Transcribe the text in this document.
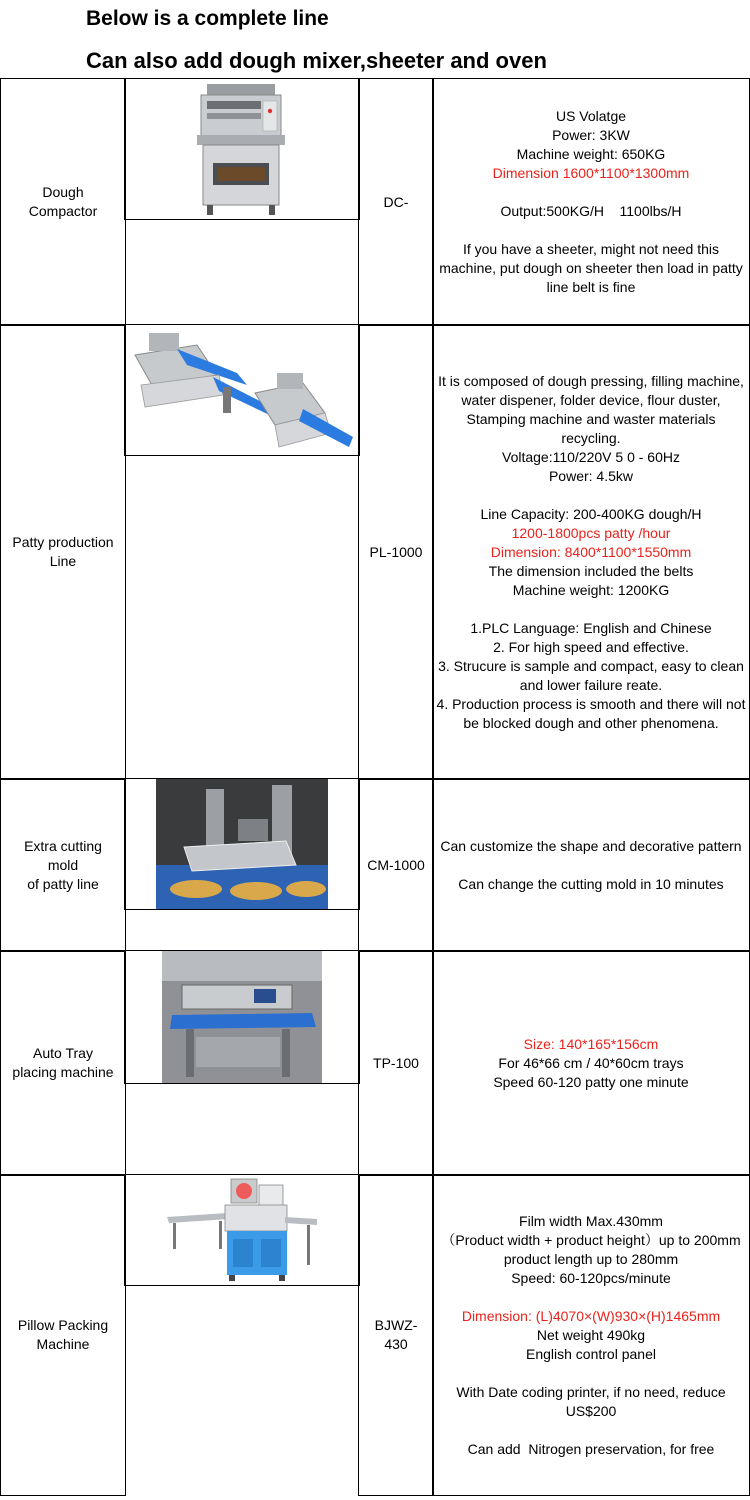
Below is a complete line
Can also add dough mixer,sheeter and oven
Dough
Compactor
DC-
US Volatge
Power: 3KW
Machine weight: 650KG
Dimension 1600*1100*1300mm
Output:500KG/H    1100lbs/H
If you have a sheeter, might not need this machine, put dough on sheeter then load in patty line belt is fine
Patty production
Line
PL-1000
It is composed of dough pressing, filling machine, water dispener, folder device, flour duster, Stamping machine and waster materials recycling.
Voltage:110/220V 5 0 - 60Hz
Power: 4.5kw
Line Capacity: 200-400KG dough/H
1200-1800pcs patty /hour
Dimension: 8400*1100*1550mm
The dimension included the belts
Machine weight: 1200KG
1.PLC Language: English and Chinese
2. For high speed and effective.
3. Strucure is sample and compact, easy to clean and lower failure reate.
4. Production process is smooth and there will not be blocked dough and other phenomena.
Extra cutting
mold
of patty line
CM-1000
Can customize the shape and decorative pattern
Can change the cutting mold in 10 minutes
Auto Tray
placing machine
TP-100
Size: 140*165*156cm
For 46*66 cm / 40*60cm trays
Speed 60-120 patty one minute
Pillow Packing
Machine
BJWZ-
430
Film width Max.430mm
（Product width + product height）up to 200mm
product length up to 280mm
Speed: 60-120pcs/minute
Dimension: (L)4070×(W)930×(H)1465mm
Net weight 490kg
English control panel
With Date coding printer, if no need, reduce US$200
Can add  Nitrogen preservation, for free
